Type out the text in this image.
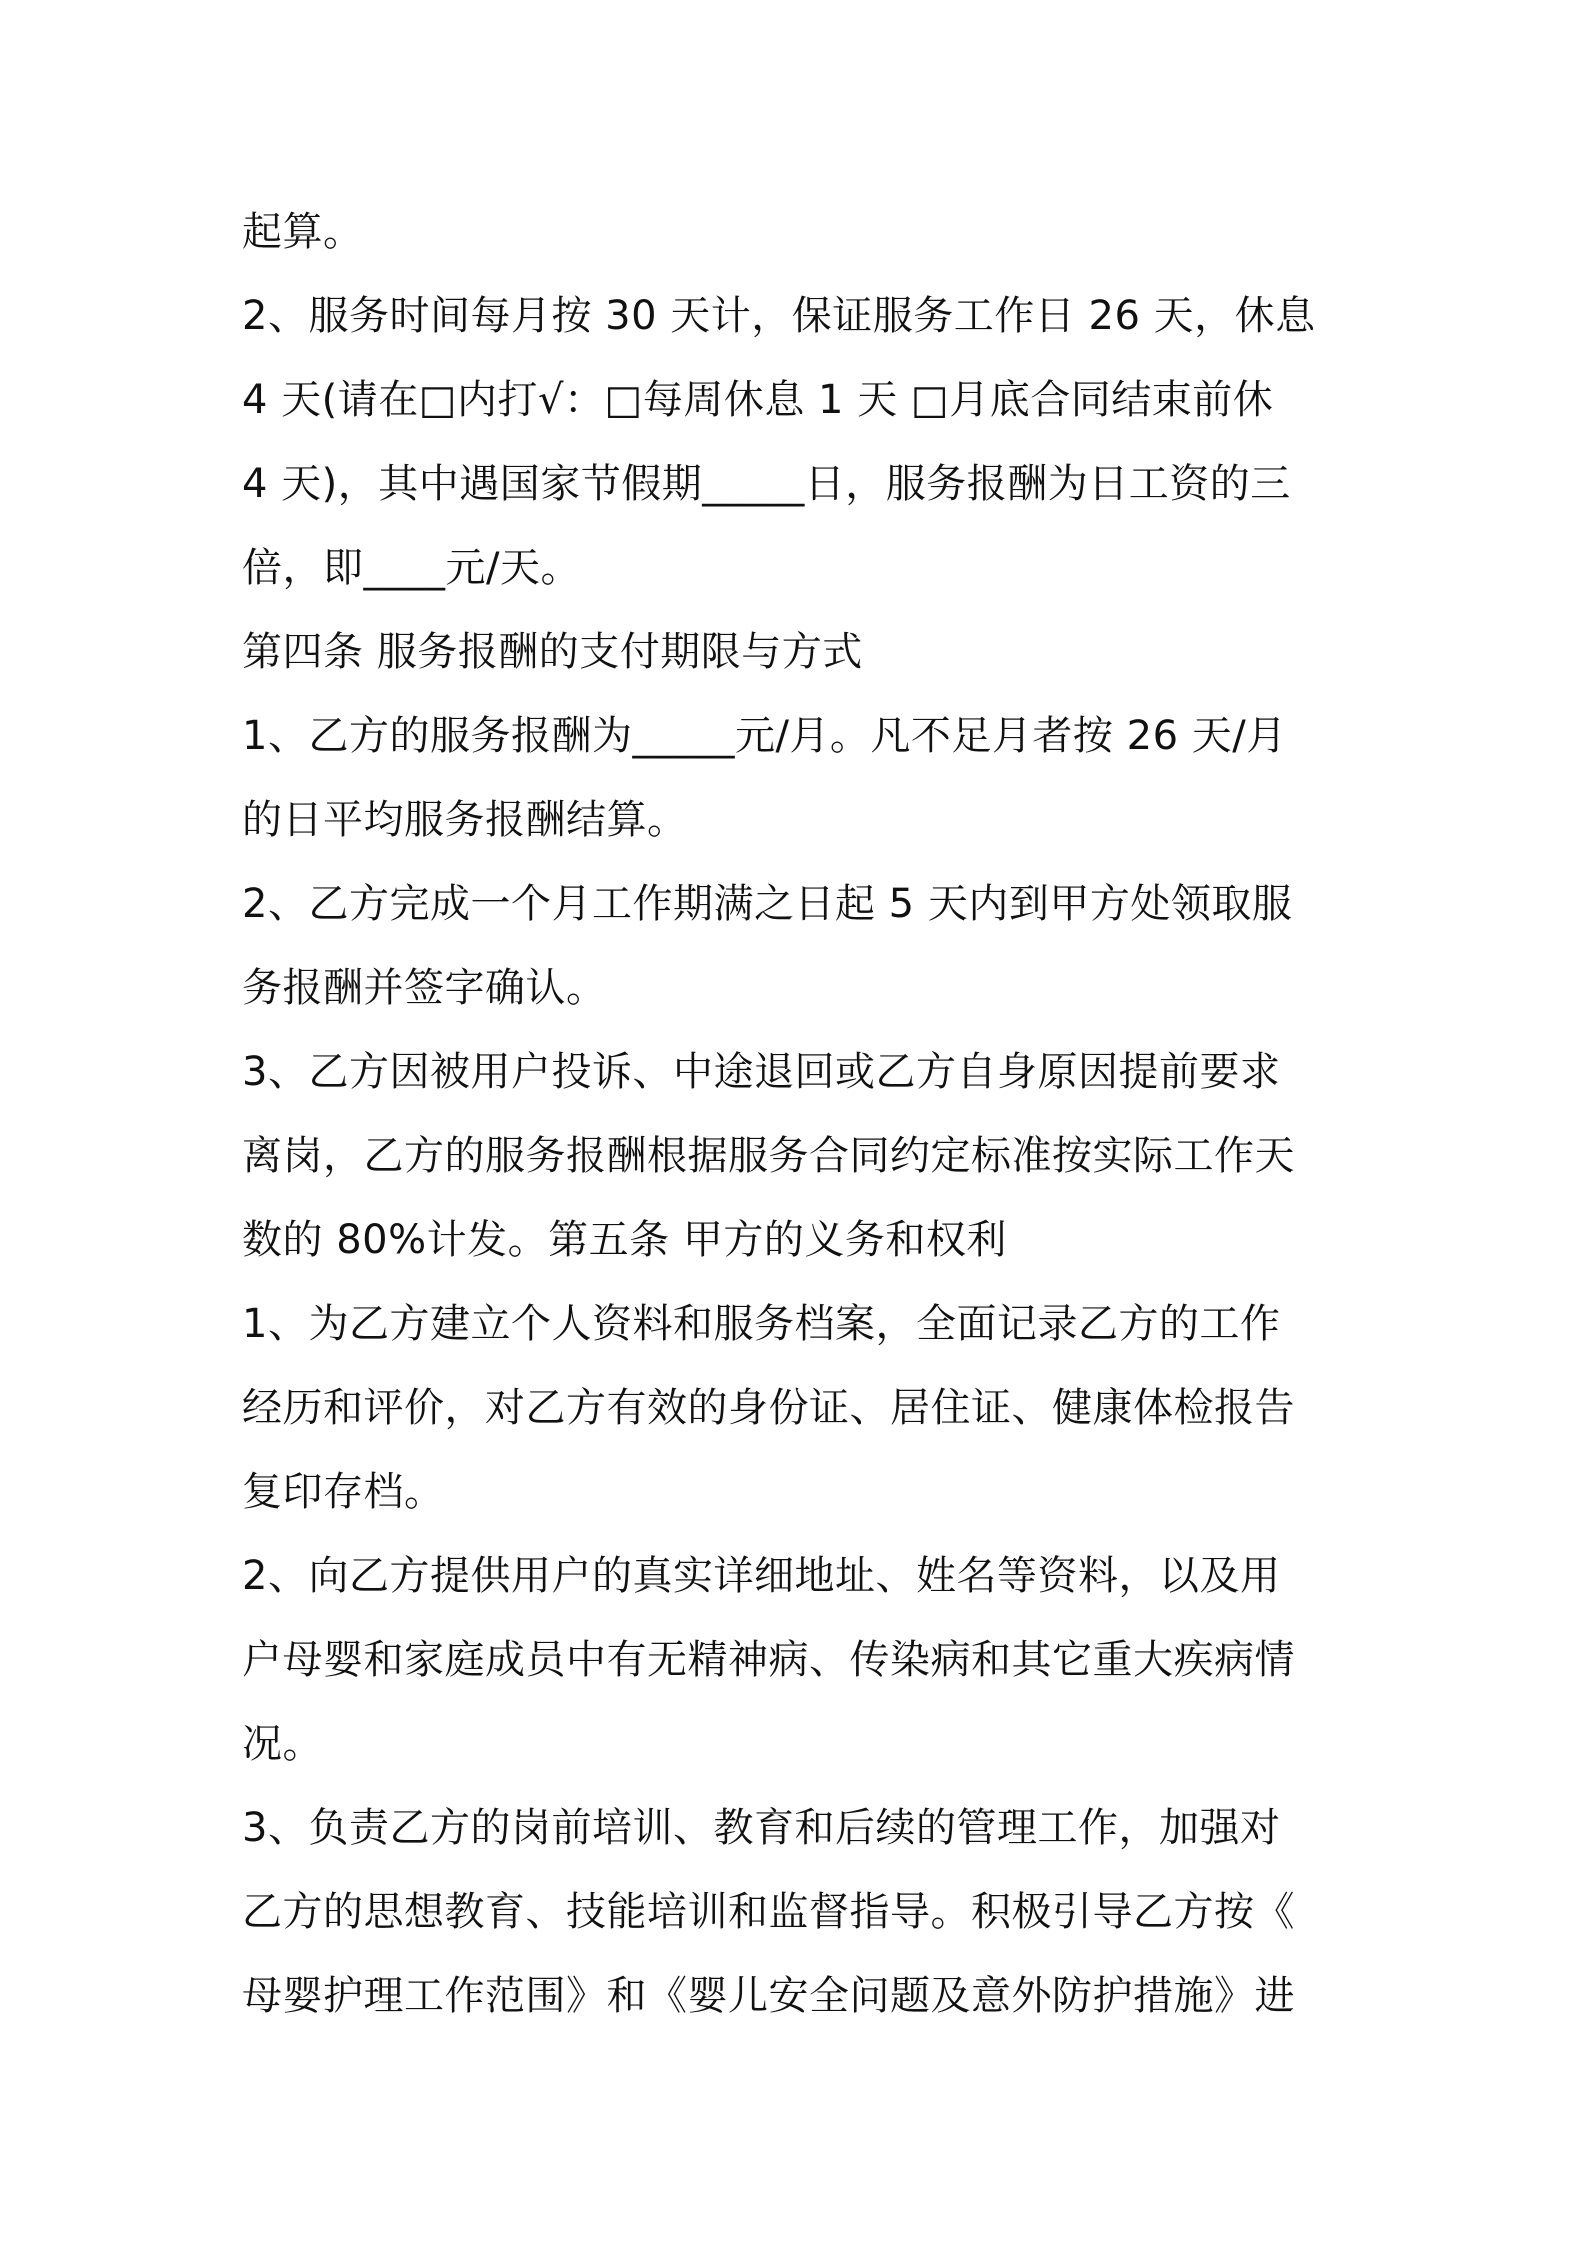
起算。
2、服务时间每月按 30 天计，保证服务工作日 26 天，休息
4 天(请在□内打√：□每周休息 1 天 □月底合同结束前休
4 天)，其中遇国家节假期_____日，服务报酬为日工资的三
倍，即____元/天。
第四条 服务报酬的支付期限与方式
1、乙方的服务报酬为_____元/月。凡不足月者按 26 天/月
的日平均服务报酬结算。
2、乙方完成一个月工作期满之日起 5 天内到甲方处领取服
务报酬并签字确认。
3、乙方因被用户投诉、中途退回或乙方自身原因提前要求
离岗，乙方的服务报酬根据服务合同约定标准按实际工作天
数的 80%计发。第五条 甲方的义务和权利
1、为乙方建立个人资料和服务档案，全面记录乙方的工作
经历和评价，对乙方有效的身份证、居住证、健康体检报告
复印存档。
2、向乙方提供用户的真实详细地址、姓名等资料，以及用
户母婴和家庭成员中有无精神病、传染病和其它重大疾病情
况。
3、负责乙方的岗前培训、教育和后续的管理工作，加强对
乙方的思想教育、技能培训和监督指导。积极引导乙方按《
母婴护理工作范围》和《婴儿安全问题及意外防护措施》进
